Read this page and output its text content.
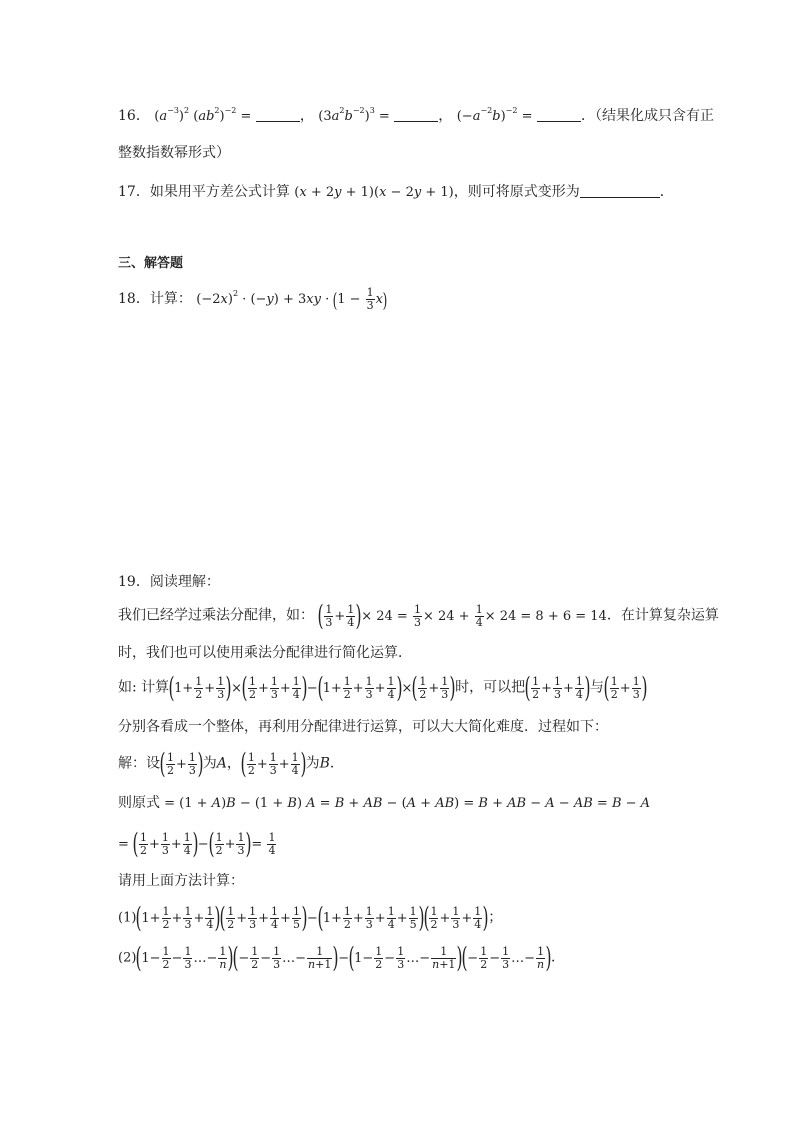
16． $(a^{-3})^2$ $(ab^2)^{-2}$ =	， $(3a^2b^{-2})^3$ =	， $(-a^{-2}b)^{-2}$ =	．（结果化成只含有正
整数指数幂形式）
17．如果用平方差公式计算 (x + 2y + 1)(x − 2y + 1)，则可将原式变形为	．
三、解答题
18．计算： $(-2x)^2 \cdot (-y) + 3xy \cdot (1 - \frac{1}{3} x)$
19．阅读理解：
我们已经学过乘法分配律，如： ( $\frac{1}{3} + \frac{1}{4}$ )× $24 = \frac{1}{3} \times 24 + \frac{1}{4} \times 24 = 8 + 6 = 14$．在计算复杂运算
时，我们也可以使用乘法分配律进行简化运算．
如: 计算($1+ \frac{1}{2} + \frac{1}{3}$ )×( $\frac{1}{2} + \frac{1}{3} + \frac{1}{4} )-(1+ \frac{1}{2} + \frac{1}{3} + \frac{1}{4}$ )×( $\frac{1}{2} + \frac{1}{3}$ )时，可以把( $\frac{1}{2} + \frac{1}{3} + \frac{1}{4}$ )与( $\frac{1}{2} + \frac{1}{3}$ )
分别各看成一个整体，再利用分配律进行运算，可以大大简化难度．过程如下：
解：设( $\frac{1}{2} + \frac{1}{3}$ )为A，( $\frac{1}{2} + \frac{1}{3} + \frac{1}{4}$ )为B．
则原式 = (1 + A)B − (1 + B) A = B + AB − (A + AB) = B + AB − A − AB = B − A
= ( $\frac{1}{2} + \frac{1}{3} + \frac{1}{4}$ )−( $\frac{1}{2} + \frac{1}{3}$ )= $\frac{1}{4}$
请用上面方法计算：
$(1)(1+ \frac{1}{2} + \frac{1}{3} + \frac{1}{4}$ )( $\frac{1}{2} + \frac{1}{3} + \frac{1}{4} + \frac{1}{5} )-(1+ \frac{1}{2} + \frac{1}{3} + \frac{1}{4} + \frac{1}{5}$ )( $\frac{1}{2} + \frac{1}{3} + \frac{1}{4}$ )；
$(2)(1- \frac{1}{2} - \frac{1}{3}$ …− $\frac{1}{n}$ )(− $\frac{1}{2} - \frac{1}{3}$ …− $\frac{1}{n+1} )-(1- \frac{1}{2} - \frac{1}{3}$ …− $\frac{1}{n+1}$ )(− $\frac{1}{2} - \frac{1}{3}$ …− $\frac{1}{n}$ )．
